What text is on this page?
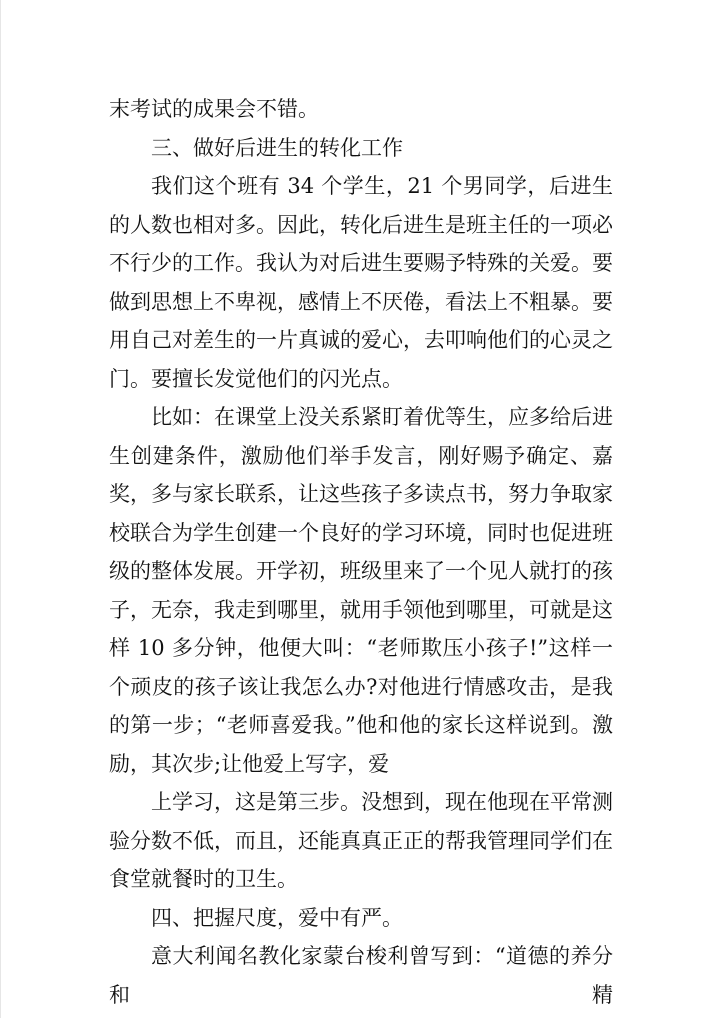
末考试的成果会不错。

三、做好后进生的转化工作

我们这个班有 34 个学生，21 个男同学，后进生的人数也相对多。因此，转化后进生是班主任的一项必不行少的工作。我认为对后进生要赐予特殊的关爱。要做到思想上不卑视，感情上不厌倦，看法上不粗暴。要用自己对差生的一片真诚的爱心，去叩响他们的心灵之门。要擅长发觉他们的闪光点。

比如：在课堂上没关系紧盯着优等生，应多给后进生创建条件，激励他们举手发言，刚好赐予确定、嘉奖，多与家长联系，让这些孩子多读点书，努力争取家校联合为学生创建一个良好的学习环境，同时也促进班级的整体发展。开学初，班级里来了一个见人就打的孩子，无奈，我走到哪里，就用手领他到哪里，可就是这样 10 多分钟，他便大叫：“老师欺压小孩子!”这样一个顽皮的孩子该让我怎么办?对他进行情感攻击，是我的第一步；“老师喜爱我。”他和他的家长这样说到。激励，其次步;让他爱上写字，爱

上学习，这是第三步。没想到，现在他现在平常测验分数不低，而且，还能真真正正的帮我管理同学们在食堂就餐时的卫生。

四、把握尺度，爱中有严。

意大利闻名教化家蒙台梭利曾写到：“道德的养分和精
